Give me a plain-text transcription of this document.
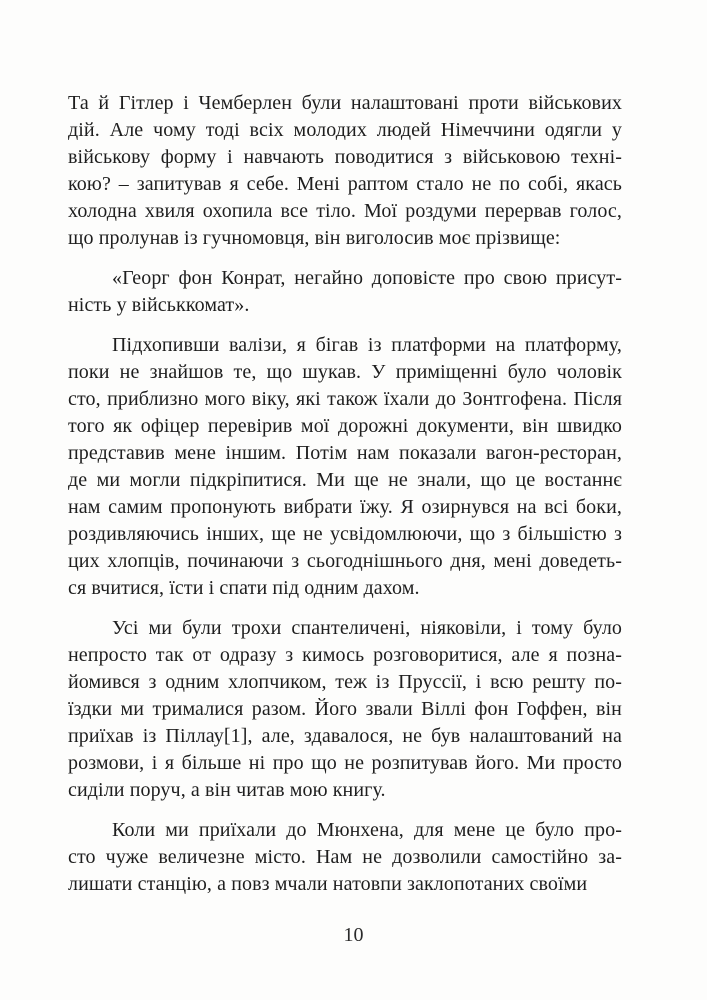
Та й Гітлер і Чемберлен були налаштовані проти військових
дій. Але чому тоді всіх молодих людей Німеччини одягли у
військову форму і навчають поводитися з військовою техні-
кою? – запитував я себе. Мені раптом стало не по собі, якась
холодна хвиля охопила все тіло. Мої роздуми перервав голос,
що пролунав із гучномовця, він виголосив моє прізвище:
«Георг фон Конрат, негайно доповісте про свою присут-
ність у військкомат».
Підхопивши валізи, я бігав із платформи на платформу,
поки не знайшов те, що шукав. У приміщенні було чоловік
сто, приблизно мого віку, які також їхали до Зонтгофена. Після
того як офіцер перевірив мої дорожні документи, він швидко
представив мене іншим. Потім нам показали вагон-ресторан,
де ми могли підкріпитися. Ми ще не знали, що це востаннє
нам самим пропонують вибрати їжу. Я озирнувся на всі боки,
роздивляючись інших, ще не усвідомлюючи, що з більшістю з
цих хлопців, починаючи з сьогоднішнього дня, мені доведеть-
ся вчитися, їсти і спати під одним дахом.
Усі ми були трохи спантеличені, ніяковіли, і тому було
непросто так от одразу з кимось розговоритися, але я позна-
йомився з одним хлопчиком, теж із Пруссії, і всю решту по-
їздки ми трималися разом. Його звали Віллі фон Гоффен, він
приїхав із Піллау[1], але, здавалося, не був налаштований на
розмови, і я більше ні про що не розпитував його. Ми просто
сиділи поруч, а він читав мою книгу.
Коли ми приїхали до Мюнхена, для мене це було про-
сто чуже величезне місто. Нам не дозволили самостійно за-
лишати станцію, а повз мчали натовпи заклопотаних своїми
10
